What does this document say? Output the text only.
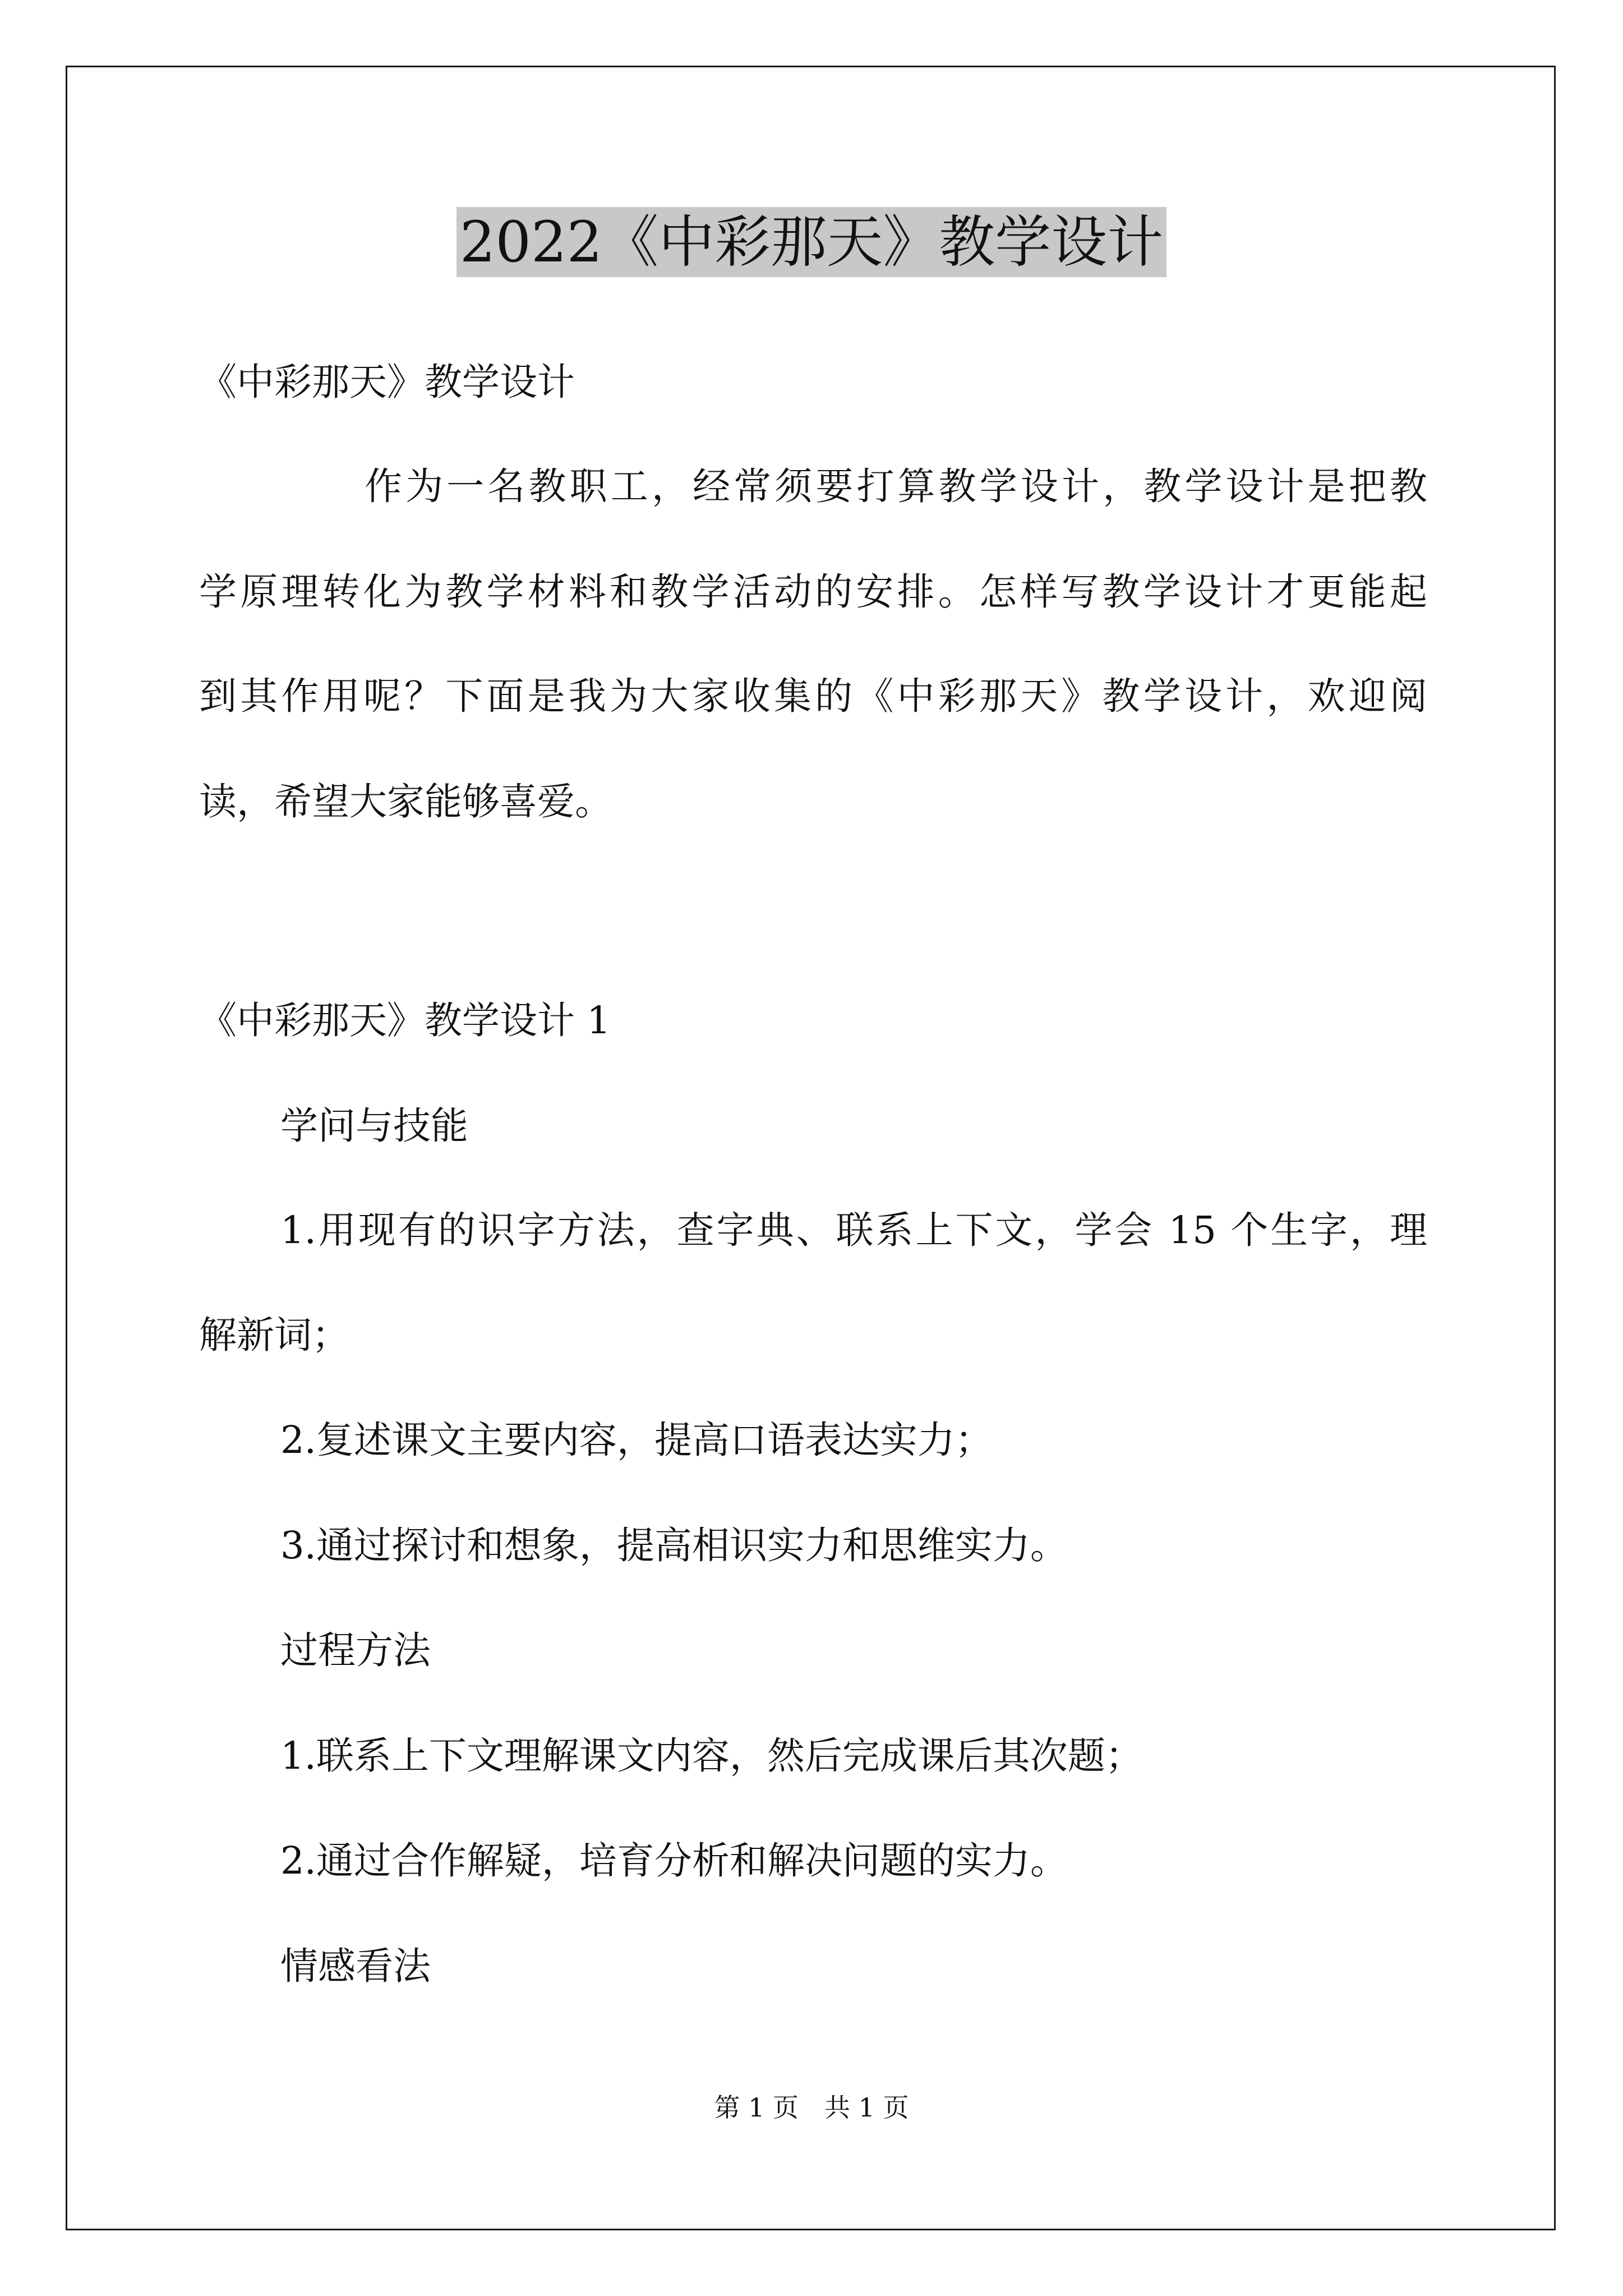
2022《中彩那天》教学设计

《中彩那天》教学设计

作为一名教职工，经常须要打算教学设计，教学设计是把教

学原理转化为教学材料和教学活动的安排。怎样写教学设计才更能起

到其作用呢？下面是我为大家收集的《中彩那天》教学设计，欢迎阅

读，希望大家能够喜爱。

《中彩那天》教学设计 1

学问与技能

1.用现有的识字方法，查字典、联系上下文，学会 15 个生字，理

解新词；

2.复述课文主要内容，提高口语表达实力；

3.通过探讨和想象，提高相识实力和思维实力。

过程方法

1.联系上下文理解课文内容，然后完成课后其次题；

2.通过合作解疑，培育分析和解决问题的实力。

情感看法

第 1 页　共 1 页
